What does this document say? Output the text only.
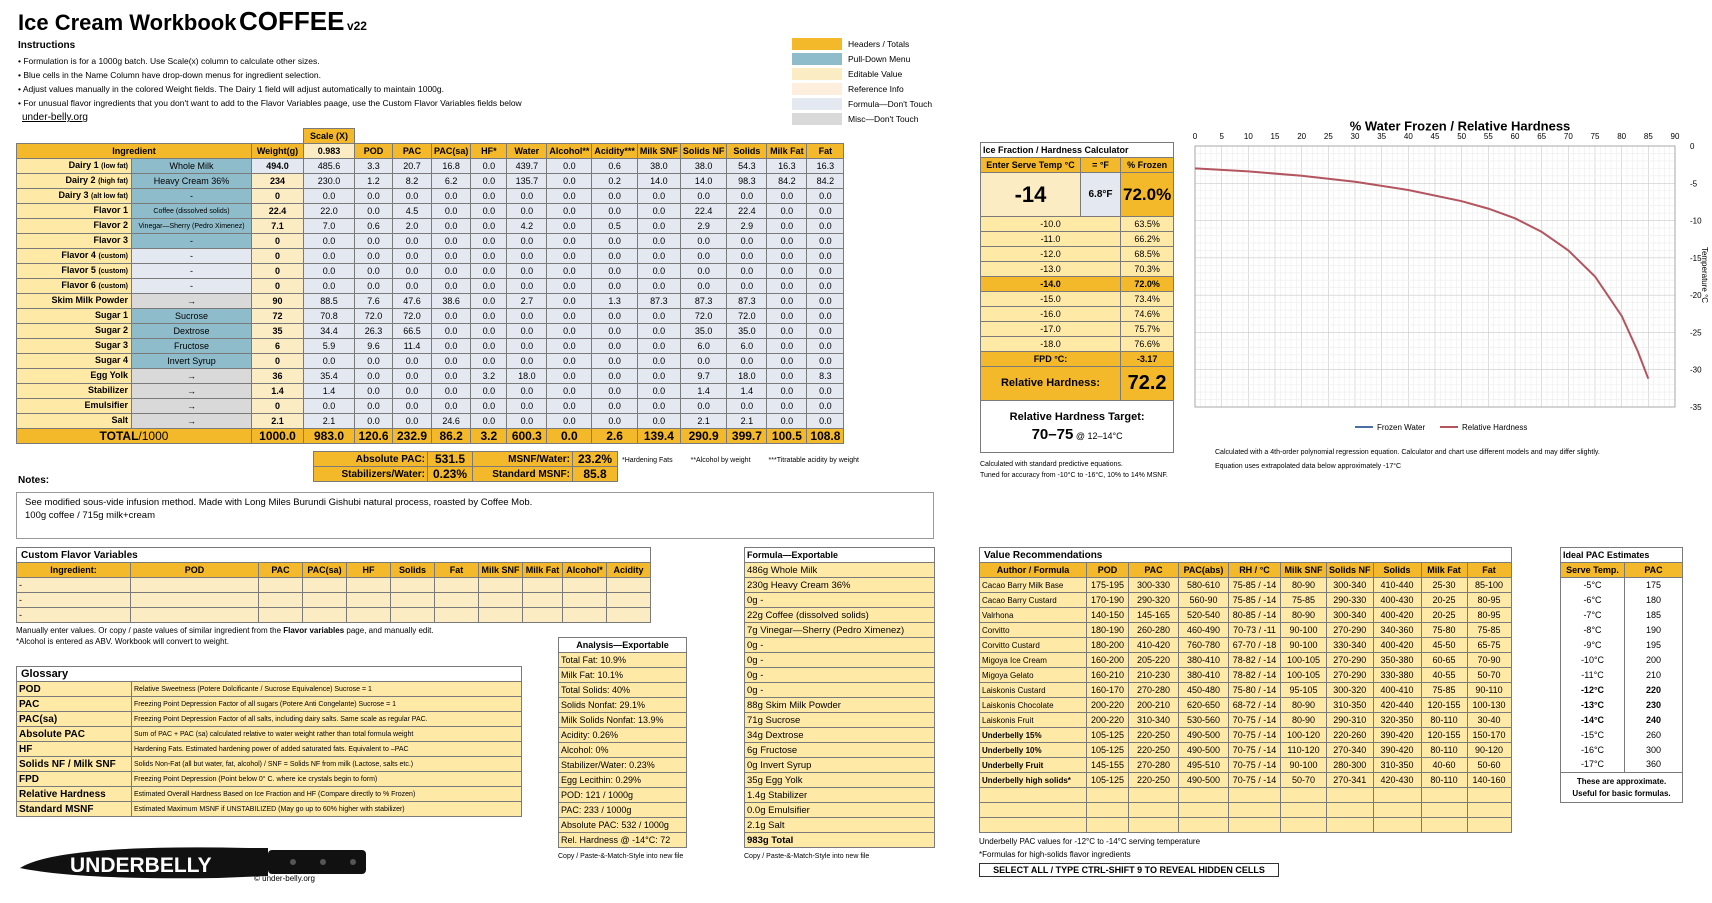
Ice Cream Workbook COFFEE v22
Instructions
• Formulation is for a 1000g batch. Use Scale(x) column to calculate other sizes.
• Blue cells in the Name Column have drop-down menus for ingredient selection.
• Adjust values manually in the colored Weight fields. The Dairy 1 field will adjust automatically to maintain 1000g.
• For unusual flavor ingredients that you don't want to add to the Flavor Variables paage, use the Custom Flavor Variables fields below
under-belly.org
Headers / Totals
Pull-Down Menu
Editable Value
Reference Info
Formula—Don't Touch
Misc—Don't Touch
			Scale (X)												
Ingredient		Weight(g)	0.983	POD	PAC	PAC(sa)	HF*	Water	Alcohol**	Acidity***	Milk SNF	Solids NF	Solids	Milk Fat	Fat
Dairy 1 (low fat)	Whole Milk	494.0	485.6	3.3	20.7	16.8	0.0	439.7	0.0	0.6	38.0	38.0	54.3	16.3	16.3
Dairy 2 (high fat)	Heavy Cream 36%	234	230.0	1.2	8.2	6.2	0.0	135.7	0.0	0.2	14.0	14.0	98.3	84.2	84.2
Dairy 3 (alt low fat)	-	0	0.0	0.0	0.0	0.0	0.0	0.0	0.0	0.0	0.0	0.0	0.0	0.0	0.0
Flavor 1	Coffee (dissolved solids)	22.4	22.0	0.0	4.5	0.0	0.0	0.0	0.0	0.0	0.0	22.4	22.4	0.0	0.0
Flavor 2	Vinegar—Sherry (Pedro Ximenez)	7.1	7.0	0.6	2.0	0.0	0.0	4.2	0.0	0.5	0.0	2.9	2.9	0.0	0.0
Flavor 3	-	0	0.0	0.0	0.0	0.0	0.0	0.0	0.0	0.0	0.0	0.0	0.0	0.0	0.0
Flavor 4 (custom)	-	0	0.0	0.0	0.0	0.0	0.0	0.0	0.0	0.0	0.0	0.0	0.0	0.0	0.0
Flavor 5 (custom)	-	0	0.0	0.0	0.0	0.0	0.0	0.0	0.0	0.0	0.0	0.0	0.0	0.0	0.0
Flavor 6 (custom)	-	0	0.0	0.0	0.0	0.0	0.0	0.0	0.0	0.0	0.0	0.0	0.0	0.0	0.0
Skim Milk Powder	→	90	88.5	7.6	47.6	38.6	0.0	2.7	0.0	1.3	87.3	87.3	87.3	0.0	0.0
Sugar 1	Sucrose	72	70.8	72.0	72.0	0.0	0.0	0.0	0.0	0.0	0.0	72.0	72.0	0.0	0.0
Sugar 2	Dextrose	35	34.4	26.3	66.5	0.0	0.0	0.0	0.0	0.0	0.0	35.0	35.0	0.0	0.0
Sugar 3	Fructose	6	5.9	9.6	11.4	0.0	0.0	0.0	0.0	0.0	0.0	6.0	6.0	0.0	0.0
Sugar 4	Invert Syrup	0	0.0	0.0	0.0	0.0	0.0	0.0	0.0	0.0	0.0	0.0	0.0	0.0	0.0
Egg Yolk	→	36	35.4	0.0	0.0	0.0	3.2	18.0	0.0	0.0	0.0	9.7	18.0	0.0	8.3
Stabilizer	→	1.4	1.4	0.0	0.0	0.0	0.0	0.0	0.0	0.0	0.0	1.4	1.4	0.0	0.0
Emulsifier	→	0	0.0	0.0	0.0	0.0	0.0	0.0	0.0	0.0	0.0	0.0	0.0	0.0	0.0
Salt	→	2.1	2.1	0.0	0.0	24.6	0.0	0.0	0.0	0.0	0.0	2.1	2.1	0.0	0.0
TOTAL/1000		1000.0	983.0	120.6	232.9	86.2	3.2	600.3	0.0	2.6	139.4	290.9	399.7	100.5	108.8
Absolute PAC:	531.5	MSNF/Water:	23.2%
Stabilizers/Water:	0.23%	Standard MSNF:	85.8
*Hardening Fats	**Alcohol by weight	***Titratable acidity by weight
Notes:
See modified sous-vide infusion method. Made with Long Miles Burundi Gishubi natural process, roasted by Coffee Mob.
100g coffee / 715g milk+cream
Ice Fraction / Hardness Calculator		
Enter Serve Temp °C	= °F	% Frozen
-14	6.8°F	72.0%
-10.0		63.5%
-11.0		66.2%
-12.0		68.5%
-13.0		70.3%
-14.0		72.0%
-15.0		73.4%
-16.0		74.6%
-17.0		75.7%
-18.0		76.6%
FPD °C:		-3.17
Relative Hardness:		72.2

Relative Hardness Target:
70–75 @ 12–14°C		
Calculated with standard predictive equations.
Tuned for accuracy from -10°C to -16°C, 10% to 14% MSNF.
% Water Frozen / Relative Hardness
0	5 10 15 20 25 30 35 40 45 50 55 60 65 70 75 80 85 90
0
-5
-10
-15
-20
-25
-30
-35
Temperature °C
Frozen Water	Relative Hardness
Calculated with a 4th-order polynomial regression equation. Calculator and chart use different models and may differ slightly.
Equation uses extrapolated data below approximately -17°C
Custom Flavor Variables										
Ingredient:	POD	PAC	PAC(sa)	HF	Solids	Fat	Milk SNF	Milk Fat	Alcohol*	Acidity
-										
-										
-										
Manually enter values. Or copy / paste values of similar ingredient from the Flavor variables page, and manually edit.
*Alcohol is entered as ABV. Workbook will convert to weight.
Glossary	
POD	Relative Sweetness (Potere Dolcificante / Sucrose Equivalence) Sucrose = 1
PAC	Freezing Point Depression Factor of all sugars (Potere Anti Congelante) Sucrose = 1
PAC(sa)	Freezing Point Depression Factor of all salts, including dairy salts. Same scale as regular PAC.
Absolute PAC	Sum of PAC + PAC (sa) calculated relative to water weight rather than total formula weight
HF	Hardening Fats. Estimated hardening power of added saturated fats. Equivalent to –PAC
Solids NF / Milk SNF	Solids Non-Fat (all but water, fat, alcohol) / SNF = Solids NF from milk (Lactose, salts etc.)
FPD	Freezing Point Depression (Point below 0° C. where ice crystals begin to form)
Relative Hardness	Estimated Overall Hardness Based on Ice Fraction and HF (Compare directly to % Frozen)
Standard MSNF	Estimated Maximum MSNF if UNSTABILIZED (May go up to 60% higher with stabilizer)
UNDERBELLY
© under-belly.org
Analysis—Exportable
Total Fat: 10.9%
Milk Fat: 10.1%
Total Solids: 40%
Solids Nonfat: 29.1%
Milk Solids Nonfat: 13.9%
Acidity: 0.26%
Alcohol: 0%
Stabilizer/Water: 0.23%
Egg Lecithin: 0.29%
POD: 121 / 1000g
PAC: 233 / 1000g
Absolute PAC: 532 / 1000g
Rel. Hardness @ -14°C: 72
Copy / Paste-&-Match-Style into new file
Formula—Exportable
486g Whole Milk
230g Heavy Cream 36%
0g -
22g Coffee (dissolved solids)
7g Vinegar—Sherry (Pedro Ximenez)
0g -
0g -
0g -
0g -
88g Skim Milk Powder
71g Sucrose
34g Dextrose
6g Fructose
0g Invert Syrup
35g Egg Yolk
1.4g Stabilizer
0.0g Emulsifier
2.1g Salt
983g Total
Copy / Paste-&-Match-Style into new file
Value Recommendations									
Author / Formula	POD	PAC	PAC(abs)	RH / °C	Milk SNF	Solids NF	Solids	Milk Fat	Fat
Cacao Barry Milk Base	175-195	300-330	580-610	75-85 / -14	80-90	300-340	410-440	25-30	85-100
Cacao Barry Custard	170-190	290-320	560-90	75-85 / -14	75-85	290-330	400-430	20-25	80-95
Valrhona	140-150	145-165	520-540	80-85 / -14	80-90	300-340	400-420	20-25	80-95
Corvitto	180-190	260-280	460-490	70-73 / -11	90-100	270-290	340-360	75-80	75-85
Corvitto Custard	180-200	410-420	760-780	67-70 / -18	90-100	330-340	400-420	45-50	65-75
Migoya Ice Cream	160-200	205-220	380-410	78-82 / -14	100-105	270-290	350-380	60-65	70-90
Migoya Gelato	160-210	210-230	380-410	78-82 / -14	100-105	270-290	330-380	40-55	50-70
Laiskonis Custard	160-170	270-280	450-480	75-80 / -14	95-105	300-320	400-410	75-85	90-110
Laiskonis Chocolate	200-220	200-210	620-650	68-72 / -14	80-90	310-350	420-440	120-155	100-130
Laiskonis Fruit	200-220	310-340	530-560	70-75 / -14	80-90	290-310	320-350	80-110	30-40
Underbelly 15%	105-125	220-250	490-500	70-75 / -14	100-120	220-260	390-420	120-155	150-170
Underbelly 10%	105-125	220-250	490-500	70-75 / -14	110-120	270-340	390-420	80-110	90-120
Underbelly Fruit	145-155	270-280	495-510	70-75 / -14	90-100	280-300	310-350	40-60	50-60
Underbelly high solids*	105-125	220-250	490-500	70-75 / -14	50-70	270-341	420-430	80-110	140-160

Underbelly PAC values for -12°C to -14°C serving temperature
*Formulas for high-solids flavor ingredients
SELECT ALL / TYPE CTRL-SHIFT 9 TO REVEAL HIDDEN CELLS
Ideal PAC Estimates	
Serve Temp.	PAC
-5°C	175
-6°C	180
-7°C	185
-8°C	190
-9°C	195
-10°C	200
-11°C	210
-12°C	220
-13°C	230
-14°C	240
-15°C	260
-16°C	300
-17°C	360

These are approximate.
Useful for basic formulas.	
